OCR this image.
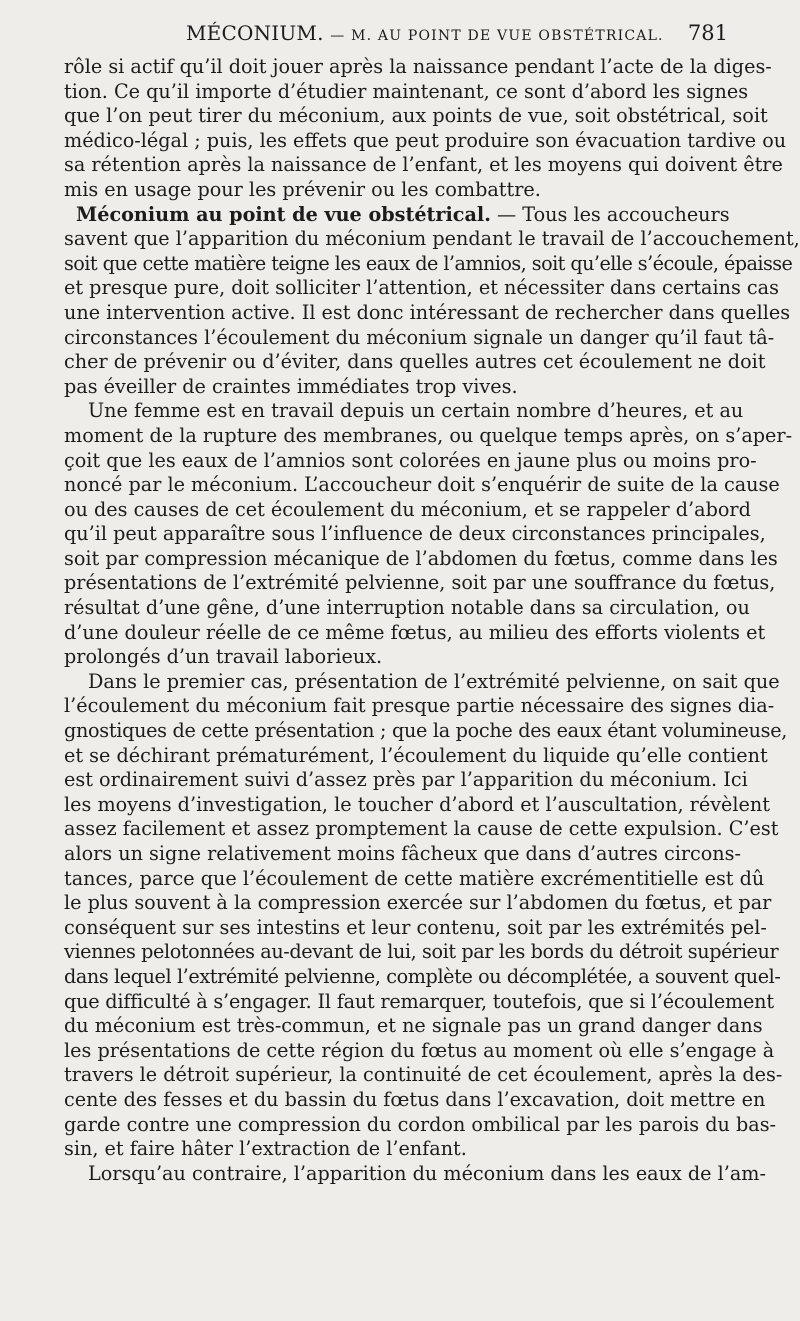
MÉCONIUM. — M. AU POINT DE VUE OBSTÉTRICAL. 781
rôle si actif qu’il doit jouer après la naissance pendant l’acte de la diges-
tion. Ce qu’il importe d’étudier maintenant, ce sont d’abord les signes
que l’on peut tirer du méconium, aux points de vue, soit obstétrical, soit
médico-légal ; puis, les effets que peut produire son évacuation tardive ou
sa rétention après la naissance de l’enfant, et les moyens qui doivent être
mis en usage pour les prévenir ou les combattre.
Méconium au point de vue obstétrical. — Tous les accoucheurs
savent que l’apparition du méconium pendant le travail de l’accouchement,
soit que cette matière teigne les eaux de l’amnios, soit qu’elle s’écoule, épaisse
et presque pure, doit solliciter l’attention, et nécessiter dans certains cas
une intervention active. Il est donc intéressant de rechercher dans quelles
circonstances l’écoulement du méconium signale un danger qu’il faut tâ-
cher de prévenir ou d’éviter, dans quelles autres cet écoulement ne doit
pas éveiller de craintes immédiates trop vives.
Une femme est en travail depuis un certain nombre d’heures, et au
moment de la rupture des membranes, ou quelque temps après, on s’aper-
çoit que les eaux de l’amnios sont colorées en jaune plus ou moins pro-
noncé par le méconium. L’accoucheur doit s’enquérir de suite de la cause
ou des causes de cet écoulement du méconium, et se rappeler d’abord
qu’il peut apparaître sous l’influence de deux circonstances principales,
soit par compression mécanique de l’abdomen du fœtus, comme dans les
présentations de l’extrémité pelvienne, soit par une souffrance du fœtus,
résultat d’une gêne, d’une interruption notable dans sa circulation, ou
d’une douleur réelle de ce même fœtus, au milieu des efforts violents et
prolongés d’un travail laborieux.
Dans le premier cas, présentation de l’extrémité pelvienne, on sait que
l’écoulement du méconium fait presque partie nécessaire des signes dia-
gnostiques de cette présentation ; que la poche des eaux étant volumineuse,
et se déchirant prématurément, l’écoulement du liquide qu’elle contient
est ordinairement suivi d’assez près par l’apparition du méconium. Ici
les moyens d’investigation, le toucher d’abord et l’auscultation, révèlent
assez facilement et assez promptement la cause de cette expulsion. C’est
alors un signe relativement moins fâcheux que dans d’autres circons-
tances, parce que l’écoulement de cette matière excrémentitielle est dû
le plus souvent à la compression exercée sur l’abdomen du fœtus, et par
conséquent sur ses intestins et leur contenu, soit par les extrémités pel-
viennes pelotonnées au-devant de lui, soit par les bords du détroit supérieur
dans lequel l’extrémité pelvienne, complète ou décomplétée, a souvent quel-
que difficulté à s’engager. Il faut remarquer, toutefois, que si l’écoulement
du méconium est très-commun, et ne signale pas un grand danger dans
les présentations de cette région du fœtus au moment où elle s’engage à
travers le détroit supérieur, la continuité de cet écoulement, après la des-
cente des fesses et du bassin du fœtus dans l’excavation, doit mettre en
garde contre une compression du cordon ombilical par les parois du bas-
sin, et faire hâter l’extraction de l’enfant.
Lorsqu’au contraire, l’apparition du méconium dans les eaux de l’am-
